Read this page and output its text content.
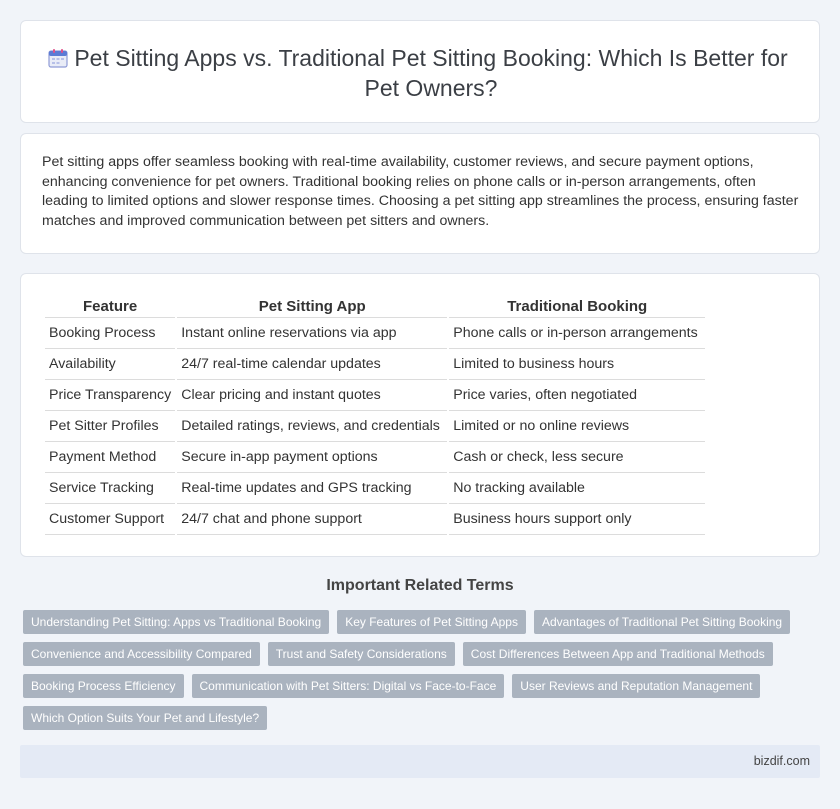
Pet Sitting Apps vs. Traditional Pet Sitting Booking: Which Is Better for Pet Owners?

Pet sitting apps offer seamless booking with real-time availability, customer reviews, and secure payment options, enhancing convenience for pet owners. Traditional booking relies on phone calls or in-person arrangements, often leading to limited options and slower response times. Choosing a pet sitting app streamlines the process, ensuring faster matches and improved communication between pet sitters and owners.

Feature	Pet Sitting App	Traditional Booking
Booking Process	Instant online reservations via app	Phone calls or in-person arrangements
Availability	24/7 real-time calendar updates	Limited to business hours
Price Transparency	Clear pricing and instant quotes	Price varies, often negotiated
Pet Sitter Profiles	Detailed ratings, reviews, and credentials	Limited or no online reviews
Payment Method	Secure in-app payment options	Cash or check, less secure
Service Tracking	Real-time updates and GPS tracking	No tracking available
Customer Support	24/7 chat and phone support	Business hours support only
Important Related Terms
Understanding Pet Sitting: Apps vs Traditional Booking	Key Features of Pet Sitting Apps	Advantages of Traditional Pet Sitting Booking
Convenience and Accessibility Compared	Trust and Safety Considerations	Cost Differences Between App and Traditional Methods
Booking Process Efficiency	Communication with Pet Sitters: Digital vs Face-to-Face	User Reviews and Reputation Management
Which Option Suits Your Pet and Lifestyle?
bizdif.com
